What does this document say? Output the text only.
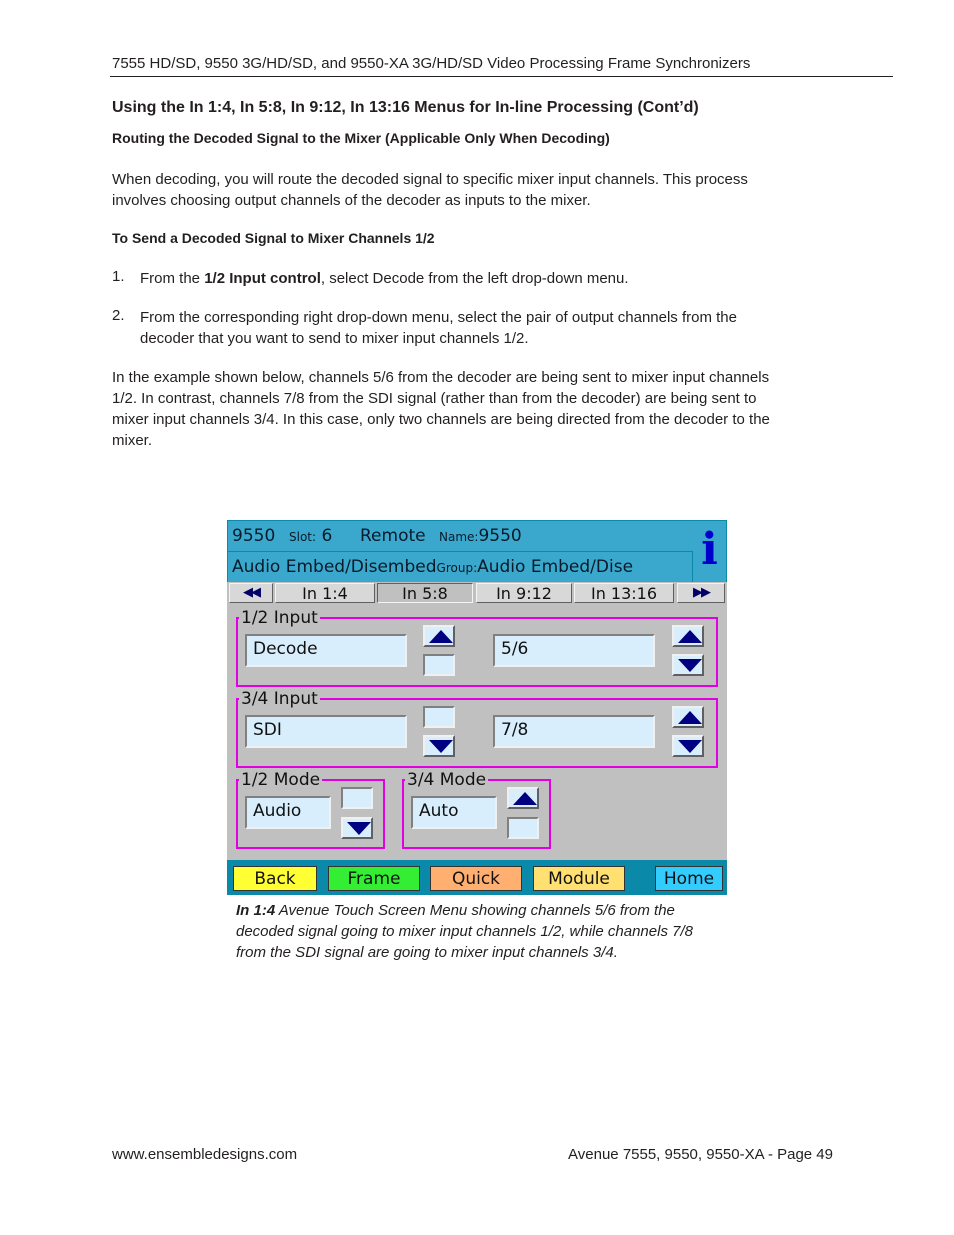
7555 HD/SD, 9550 3G/HD/SD, and 9550-XA 3G/HD/SD Video Processing Frame Synchronizers
Using the In 1:4, In 5:8, In 9:12, In 13:16 Menus for In-line Processing (Cont’d)
Routing the Decoded Signal to the Mixer (Applicable Only When Decoding)
When decoding, you will route the decoded signal to specific mixer input channels. This process
involves choosing output channels of the decoder as inputs to the mixer.
To Send a Decoded Signal to Mixer Channels 1/2
1. From the 1/2 Input control, select Decode from the left drop-down menu.
2. From the corresponding right drop-down menu, select the pair of output channels from the
decoder that you want to send to mixer input channels 1/2.
In the example shown below, channels 5/6 from the decoder are being sent to mixer input channels
1/2. In contrast, channels 7/8 from the SDI signal (rather than from the decoder) are being sent to
mixer input channels 3/4. In this case, only two channels are being directed from the decoder to the
mixer.
9550	Slot: 6	Remote	Name:9550
Audio Embed/DisembedGroup:Audio Embed/Dise	i
◀◀	In 1:4	In 5:8	In 9:12	In 13:16	▶▶
1/2 Input
Decode	5/6
3/4 Input
SDI	7/8
1/2 Mode
Audio
3/4 Mode
Auto
Back	Frame	Quick	Module	Home
In 1:4 Avenue Touch Screen Menu showing channels 5/6 from the
decoded signal going to mixer input channels 1/2, while channels 7/8
from the SDI signal are going to mixer input channels 3/4.
www.ensembledesigns.com	Avenue 7555, 9550, 9550-XA - Page 49
